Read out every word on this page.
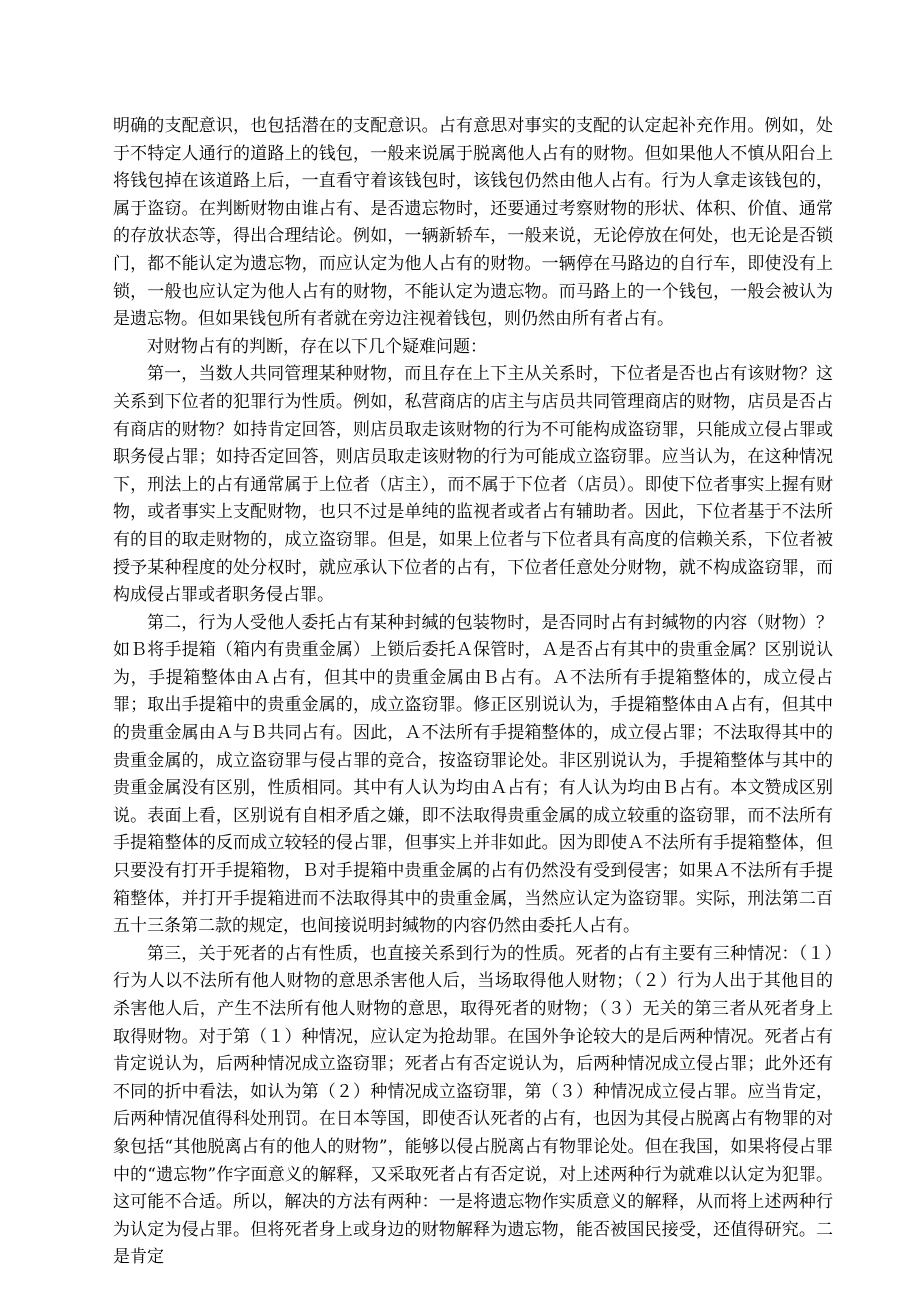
明确的支配意识，也包括潜在的支配意识。占有意思对事实的支配的认定起补充作用。例如，处于不特定人通行的道路上的钱包，一般来说属于脱离他人占有的财物。但如果他人不慎从阳台上将钱包掉在该道路上后，一直看守着该钱包时，该钱包仍然由他人占有。行为人拿走该钱包的，属于盗窃。在判断财物由谁占有、是否遗忘物时，还要通过考察财物的形状、体积、价值、通常的存放状态等，得出合理结论。例如，一辆新轿车，一般来说，无论停放在何处，也无论是否锁门，都不能认定为遗忘物，而应认定为他人占有的财物。一辆停在马路边的自行车，即使没有上锁，一般也应认定为他人占有的财物，不能认定为遗忘物。而马路上的一个钱包，一般会被认为是遗忘物。但如果钱包所有者就在旁边注视着钱包，则仍然由所有者占有。

对财物占有的判断，存在以下几个疑难问题：

第一，当数人共同管理某种财物，而且存在上下主从关系时，下位者是否也占有该财物？这关系到下位者的犯罪行为性质。例如，私营商店的店主与店员共同管理商店的财物，店员是否占有商店的财物？如持肯定回答，则店员取走该财物的行为不可能构成盗窃罪，只能成立侵占罪或职务侵占罪；如持否定回答，则店员取走该财物的行为可能成立盗窃罪。应当认为，在这种情况下，刑法上的占有通常属于上位者（店主），而不属于下位者（店员）。即使下位者事实上握有财物，或者事实上支配财物，也只不过是单纯的监视者或者占有辅助者。因此，下位者基于不法所有的目的取走财物的，成立盗窃罪。但是，如果上位者与下位者具有高度的信赖关系，下位者被授予某种程度的处分权时，就应承认下位者的占有，下位者任意处分财物，就不构成盗窃罪，而构成侵占罪或者职务侵占罪。

第二，行为人受他人委托占有某种封缄的包装物时，是否同时占有封缄物的内容（财物）？如Ｂ将手提箱（箱内有贵重金属）上锁后委托Ａ保管时，Ａ是否占有其中的贵重金属？区别说认为，手提箱整体由Ａ占有，但其中的贵重金属由Ｂ占有。Ａ不法所有手提箱整体的，成立侵占罪；取出手提箱中的贵重金属的，成立盗窃罪。修正区别说认为，手提箱整体由Ａ占有，但其中的贵重金属由Ａ与Ｂ共同占有。因此，Ａ不法所有手提箱整体的，成立侵占罪；不法取得其中的贵重金属的，成立盗窃罪与侵占罪的竞合，按盗窃罪论处。非区别说认为，手提箱整体与其中的贵重金属没有区别，性质相同。其中有人认为均由Ａ占有；有人认为均由Ｂ占有。本文赞成区别说。表面上看，区别说有自相矛盾之嫌，即不法取得贵重金属的成立较重的盗窃罪，而不法所有手提箱整体的反而成立较轻的侵占罪，但事实上并非如此。因为即使Ａ不法所有手提箱整体，但只要没有打开手提箱物，Ｂ对手提箱中贵重金属的占有仍然没有受到侵害；如果Ａ不法所有手提箱整体，并打开手提箱进而不法取得其中的贵重金属，当然应认定为盗窃罪。实际，刑法第二百五十三条第二款的规定，也间接说明封缄物的内容仍然由委托人占有。

第三，关于死者的占有性质，也直接关系到行为的性质。死者的占有主要有三种情况：（１）行为人以不法所有他人财物的意思杀害他人后，当场取得他人财物；（２）行为人出于其他目的杀害他人后，产生不法所有他人财物的意思，取得死者的财物；（３）无关的第三者从死者身上取得财物。对于第（１）种情况，应认定为抢劫罪。在国外争论较大的是后两种情况。死者占有肯定说认为，后两种情况成立盗窃罪；死者占有否定说认为，后两种情况成立侵占罪；此外还有不同的折中看法，如认为第（２）种情况成立盗窃罪，第（３）种情况成立侵占罪。应当肯定，后两种情况值得科处刑罚。在日本等国，即使否认死者的占有，也因为其侵占脱离占有物罪的对象包括“其他脱离占有的他人的财物”，能够以侵占脱离占有物罪论处。但在我国，如果将侵占罪中的“遗忘物”作字面意义的解释，又采取死者占有否定说，对上述两种行为就难以认定为犯罪。这可能不合适。所以，解决的方法有两种：一是将遗忘物作实质意义的解释，从而将上述两种行为认定为侵占罪。但将死者身上或身边的财物解释为遗忘物，能否被国民接受，还值得研究。二是肯定
